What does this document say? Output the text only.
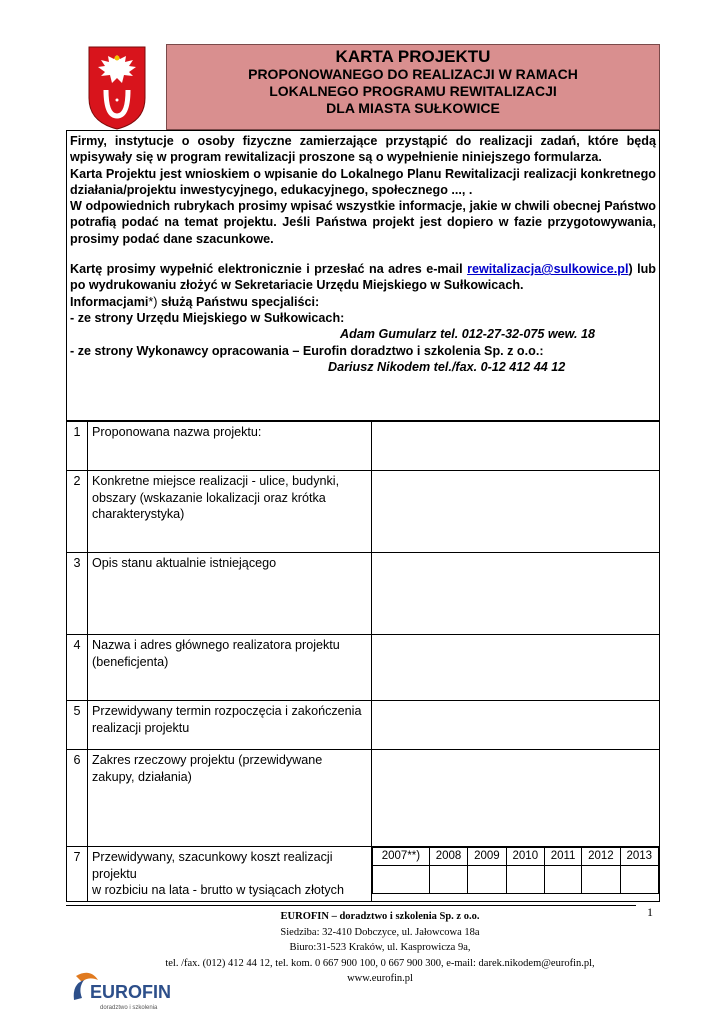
KARTA PROJEKTU
PROPONOWANEGO DO REALIZACJI W RAMACH
LOKALNEGO PROGRAMU REWITALIZACJI
DLA MIASTA SUŁKOWICE

Firmy, instytucje o osoby fizyczne zamierzające przystąpić do realizacji zadań, które będą wpisywały się w program rewitalizacji proszone są o wypełnienie niniejszego formularza.

Karta Projektu jest wnioskiem o wpisanie do Lokalnego Planu Rewitalizacji realizacji konkretnego działania/projektu inwestycyjnego, edukacyjnego, społecznego ..., .

W odpowiednich rubrykach prosimy wpisać wszystkie informacje, jakie w chwili obecnej Państwo potrafią podać na temat projektu. Jeśli Państwa projekt jest dopiero w fazie przygotowywania, prosimy podać dane szacunkowe.

Kartę prosimy wypełnić elektronicznie i przesłać na adres e-mail rewitalizacja@sulkowice.pl) lub po wydrukowaniu złożyć w Sekretariacie Urzędu Miejskiego w Sułkowicach.

Informacjami*) służą Państwu specjaliści:

- ze strony Urzędu Miejskiego w Sułkowicach:

Adam Gumularz tel. 012-27-32-075 wew. 18

- ze strony Wykonawcy opracowania – Eurofin doradztwo i szkolenia Sp. z o.o.:

Dariusz Nikodem tel./fax. 0-12 412 44 12

1	Proponowana nazwa projektu:	
2	Konkretne miejsce realizacji - ulice, budynki, obszary (wskazanie lokalizacji oraz krótka charakterystyka)	
3	Opis stanu aktualnie istniejącego	
4	Nazwa i adres głównego realizatora projektu (beneficjenta)	
5	Przewidywany termin rozpoczęcia i zakończenia realizacji projektu	
6	Zakres rzeczowy projektu (przewidywane zakupy, działania)	
7	Przewidywany, szacunkowy koszt realizacji projektu
w rozbiciu na lata - brutto w tysiącach złotych	
2007**)	2008	2009	2010	2011	2012	2013

1
EUROFIN – doradztwo i szkolenia Sp. z o.o.
Siedziba: 32-410 Dobczyce, ul. Jałowcowa 18a
Biuro:31-523 Kraków, ul. Kasprowicza 9a,
tel. /fax. (012) 412 44 12, tel. kom. 0 667 900 100, 0 667 900 300, e-mail: darek.nikodem@eurofin.pl,
www.eurofin.pl
EUROFIN
doradztwo i szkolenia
